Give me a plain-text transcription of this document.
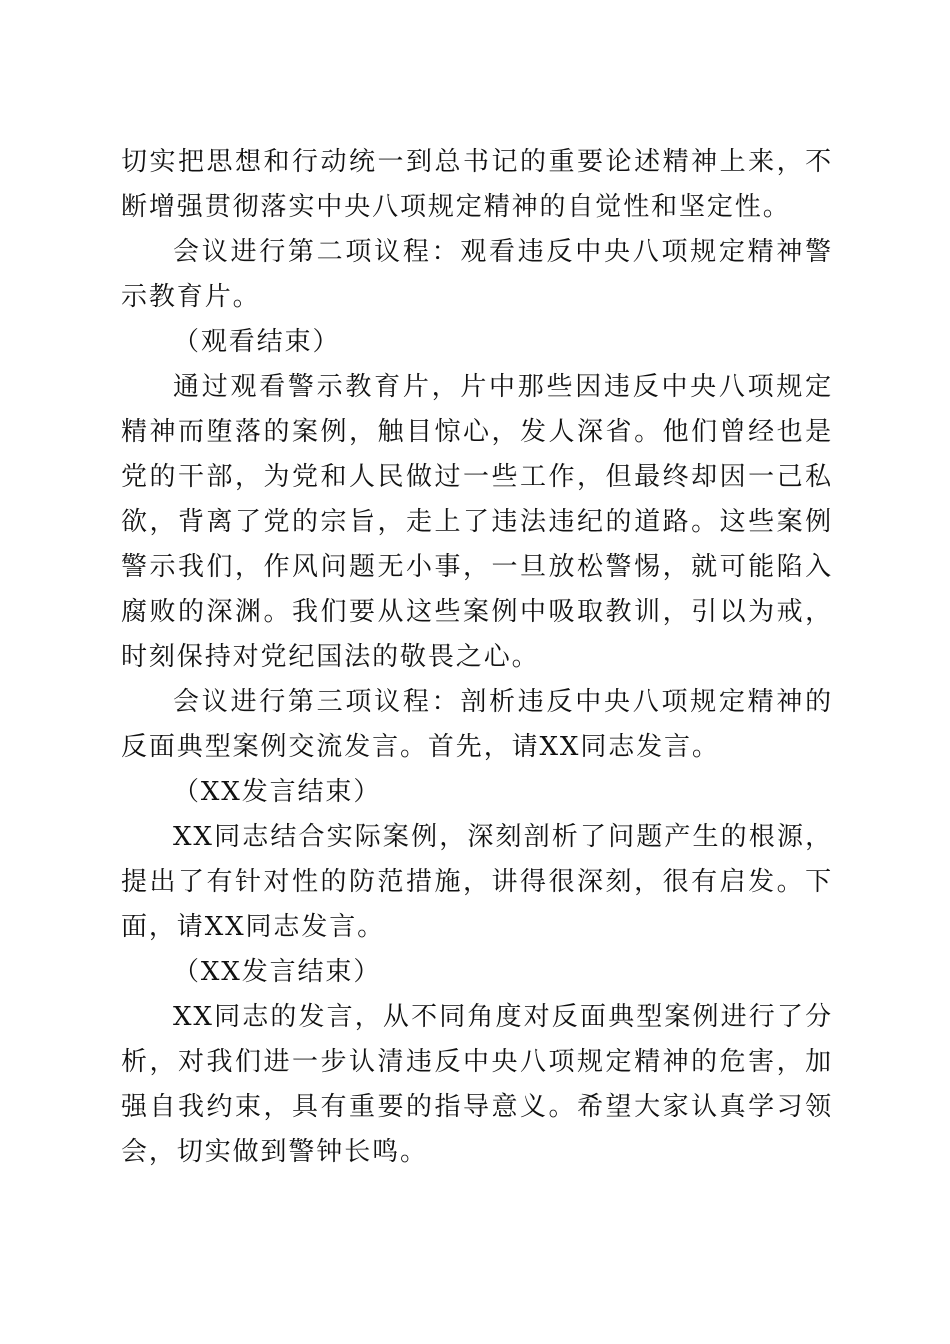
切实把思想和行动统一到总书记的重要论述精神上来，不断增强贯彻落实中央八项规定精神的自觉性和坚定性。

会议进行第二项议程：观看违反中央八项规定精神警示教育片。

（观看结束）

通过观看警示教育片，片中那些因违反中央八项规定精神而堕落的案例，触目惊心，发人深省。他们曾经也是党的干部，为党和人民做过一些工作，但最终却因一己私欲，背离了党的宗旨，走上了违法违纪的道路。这些案例警示我们，作风问题无小事，一旦放松警惕，就可能陷入腐败的深渊。我们要从这些案例中吸取教训，引以为戒，时刻保持对党纪国法的敬畏之心。

会议进行第三项议程：剖析违反中央八项规定精神的反面典型案例交流发言。首先，请XX同志发言。

（XX发言结束）

XX同志结合实际案例，深刻剖析了问题产生的根源，提出了有针对性的防范措施，讲得很深刻，很有启发。下面，请XX同志发言。

（XX发言结束）

XX同志的发言，从不同角度对反面典型案例进行了分析，对我们进一步认清违反中央八项规定精神的危害，加强自我约束，具有重要的指导意义。希望大家认真学习领会，切实做到警钟长鸣。
